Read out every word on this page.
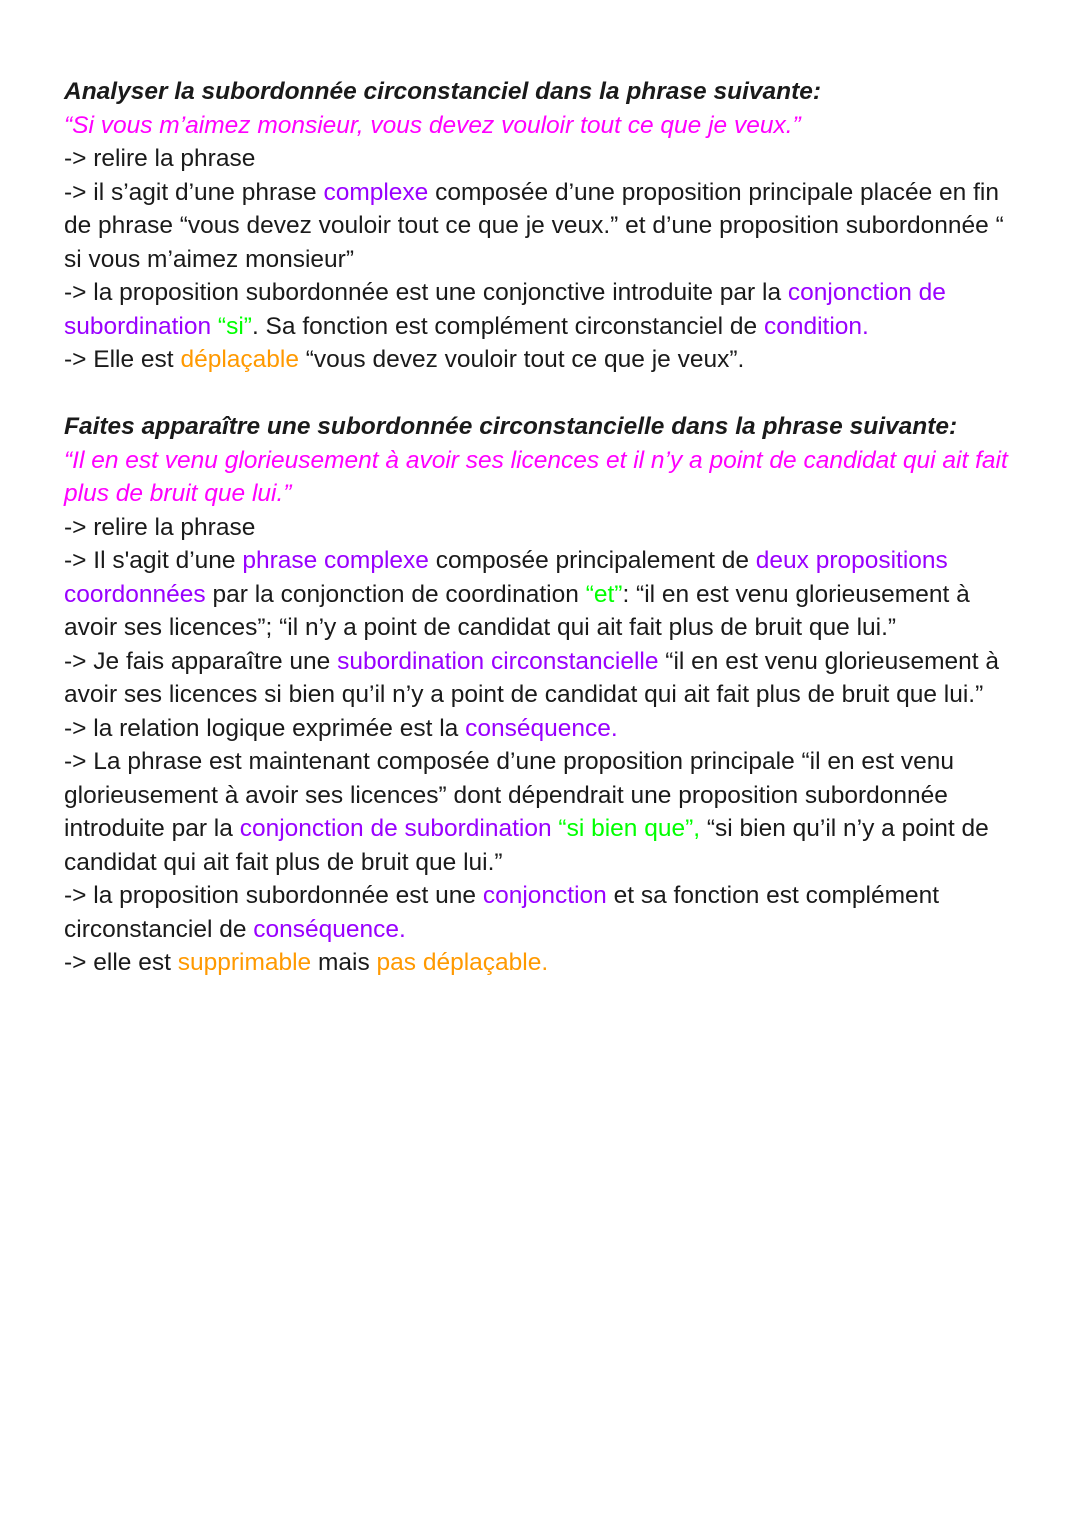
Analyser la subordonnée circonstanciel dans la phrase suivante:

“Si vous m’aimez monsieur, vous devez vouloir tout ce que je veux.”

-> relire la phrase

-> il s’agit d’une phrase complexe composée d’une proposition principale placée en fin de phrase “vous devez vouloir tout ce que je veux.” et d’une proposition subordonnée “ si vous m’aimez monsieur”

-> la proposition subordonnée est une conjonctive introduite par la conjonction de subordination “si”. Sa fonction est complément circonstanciel de condition.

-> Elle est déplaçable “vous devez vouloir tout ce que je veux”.

Faites apparaître une subordonnée circonstancielle dans la phrase suivante:

“Il en est venu glorieusement à avoir ses licences et il n’y a point de candidat qui ait fait plus de bruit que lui.”

-> relire la phrase

-> Il s'agit d’une phrase complexe composée principalement de deux propositions coordonnées par la conjonction de coordination “et”: “il en est venu glorieusement à avoir ses licences”; “il n’y a point de candidat qui ait fait plus de bruit que lui.”

-> Je fais apparaître une subordination circonstancielle “il en est venu glorieusement à avoir ses licences si bien qu’il n’y a point de candidat qui ait fait plus de bruit que lui.”

-> la relation logique exprimée est la conséquence.

-> La phrase est maintenant composée d’une proposition principale “il en est venu glorieusement à avoir ses licences” dont dépendrait une proposition subordonnée introduite par la conjonction de subordination “si bien que”, “si bien qu’il n’y a point de candidat qui ait fait plus de bruit que lui.”

-> la proposition subordonnée est une conjonction et sa fonction est complément circonstanciel de conséquence.

-> elle est supprimable mais pas déplaçable.
